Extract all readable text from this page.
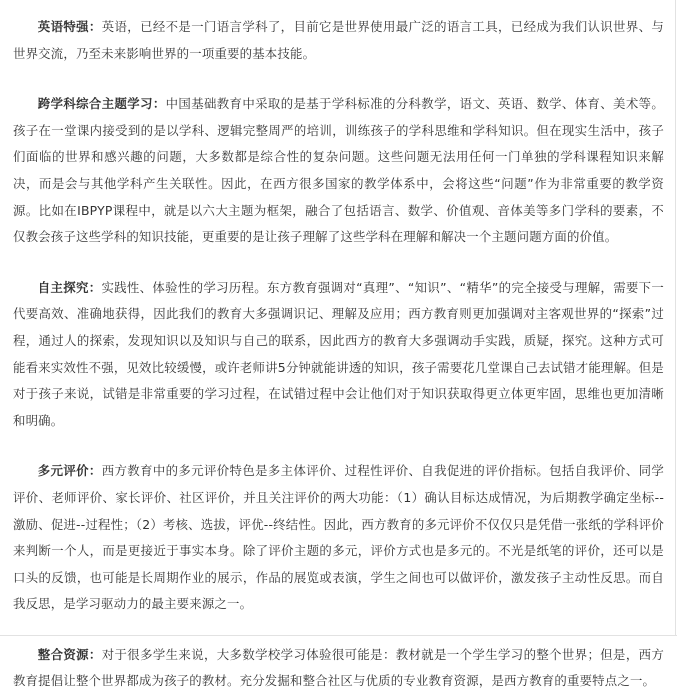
英语特强：英语，已经不是一门语言学科了，目前它是世界使用最广泛的语言工具，已经成为我们认识世界、与世界交流，乃至未来影响世界的一项重要的基本技能。

跨学科综合主题学习：中国基础教育中采取的是基于学科标准的分科教学，语文、英语、数学、体育、美术等。孩子在一堂课内接受到的是以学科、逻辑完整周严的培训，训练孩子的学科思维和学科知识。但在现实生活中，孩子们面临的世界和感兴趣的问题，大多数都是综合性的复杂问题。这些问题无法用任何一门单独的学科课程知识来解决，而是会与其他学科产生关联性。因此，在西方很多国家的教学体系中，会将这些“问题”作为非常重要的教学资源。比如在IBPYP课程中，就是以六大主题为框架，融合了包括语言、数学、价值观、音体美等多门学科的要素，不仅教会孩子这些学科的知识技能，更重要的是让孩子理解了这些学科在理解和解决一个主题问题方面的价值。

自主探究：实践性、体验性的学习历程。东方教育强调对“真理”、“知识”、“精华”的完全接受与理解，需要下一代要高效、准确地获得，因此我们的教育大多强调识记、理解及应用；西方教育则更加强调对主客观世界的“探索”过程，通过人的探索，发现知识以及知识与自己的联系，因此西方的教育大多强调动手实践，质疑，探究。这种方式可能看来实效性不强，见效比较缓慢，或许老师讲5分钟就能讲透的知识，孩子需要花几堂课自己去试错才能理解。但是对于孩子来说，试错是非常重要的学习过程，在试错过程中会让他们对于知识获取得更立体更牢固，思维也更加清晰和明确。

多元评价：西方教育中的多元评价特色是多主体评价、过程性评价、自我促进的评价指标。包括自我评价、同学评价、老师评价、家长评价、社区评价，并且关注评价的两大功能：（1）确认目标达成情况，为后期教学确定坐标--激励、促进--过程性；（2）考核、选拔，评优--终结性。因此，西方教育的多元评价不仅仅只是凭借一张纸的学科评价来判断一个人，而是更接近于事实本身。除了评价主题的多元，评价方式也是多元的。不光是纸笔的评价，还可以是口头的反馈，也可能是长周期作业的展示，作品的展览或表演，学生之间也可以做评价，激发孩子主动性反思。而自我反思，是学习驱动力的最主要来源之一。

整合资源：对于很多学生来说，大多数学校学习体验很可能是：教材就是一个学生学习的整个世界；但是，西方教育提倡让整个世界都成为孩子的教材。充分发掘和整合社区与优质的专业教育资源，是西方教育的重要特点之一。
